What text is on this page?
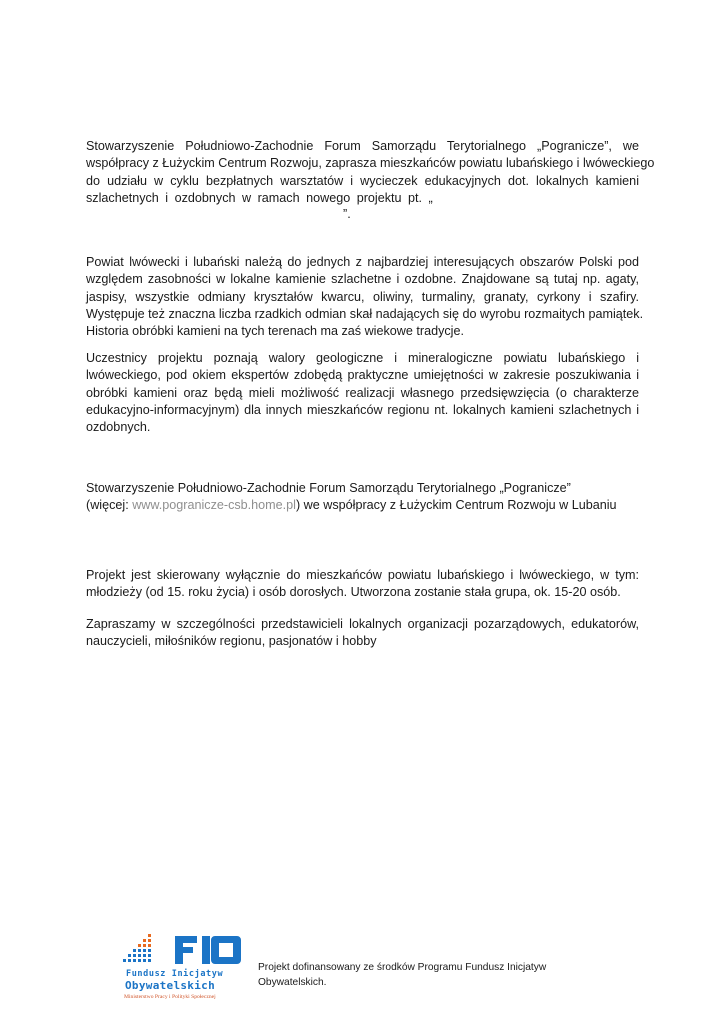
Stowarzyszenie Południowo-Zachodnie Forum Samorządu Terytorialnego „Pogranicze”, we
współpracy z Łużyckim Centrum Rozwoju, zaprasza mieszkańców powiatu lubańskiego i lwóweckiego
do udziału w cyklu bezpłatnych warsztatów i wycieczek edukacyjnych dot. lokalnych kamieni
szlachetnych i ozdobnych w ramach nowego projektu pt. „

”.

Powiat lwówecki i lubański należą do jednych z najbardziej interesujących obszarów Polski pod
względem zasobności w lokalne kamienie szlachetne i ozdobne. Znajdowane są tutaj np. agaty,
jaspisy, wszystkie odmiany kryształów kwarcu, oliwiny, turmaliny, granaty, cyrkony i szafiry.
Występuje też znaczna liczba rzadkich odmian skał nadających się do wyrobu rozmaitych pamiątek.
Historia obróbki kamieni na tych terenach ma zaś wiekowe tradycje.

Uczestnicy projektu poznają walory geologiczne i mineralogiczne powiatu lubańskiego i
lwóweckiego, pod okiem ekspertów zdobędą praktyczne umiejętności w zakresie poszukiwania i
obróbki kamieni oraz będą mieli możliwość realizacji własnego przedsięwzięcia (o charakterze
edukacyjno-informacyjnym) dla innych mieszkańców regionu nt. lokalnych kamieni szlachetnych i
ozdobnych.

Stowarzyszenie Południowo-Zachodnie Forum Samorządu Terytorialnego „Pogranicze”
(więcej: www.pogranicze-csb.home.pl) we współpracy z Łużyckim Centrum Rozwoju w Lubaniu

Projekt jest skierowany wyłącznie do mieszkańców powiatu lubańskiego i lwóweckiego, w tym:
młodzieży (od 15. roku życia) i osób dorosłych. Utworzona zostanie stała grupa, ok. 15-20 osób.

Zapraszamy w szczególności przedstawicieli lokalnych organizacji pozarządowych, edukatorów,
nauczycieli, miłośników regionu, pasjonatów i hobby

Fundusz Inicjatyw
Obywatelskich
Ministerstwo Pracy i Polityki Społecznej
Projekt dofinansowany ze środków Programu Fundusz Inicjatyw
Obywatelskich.
